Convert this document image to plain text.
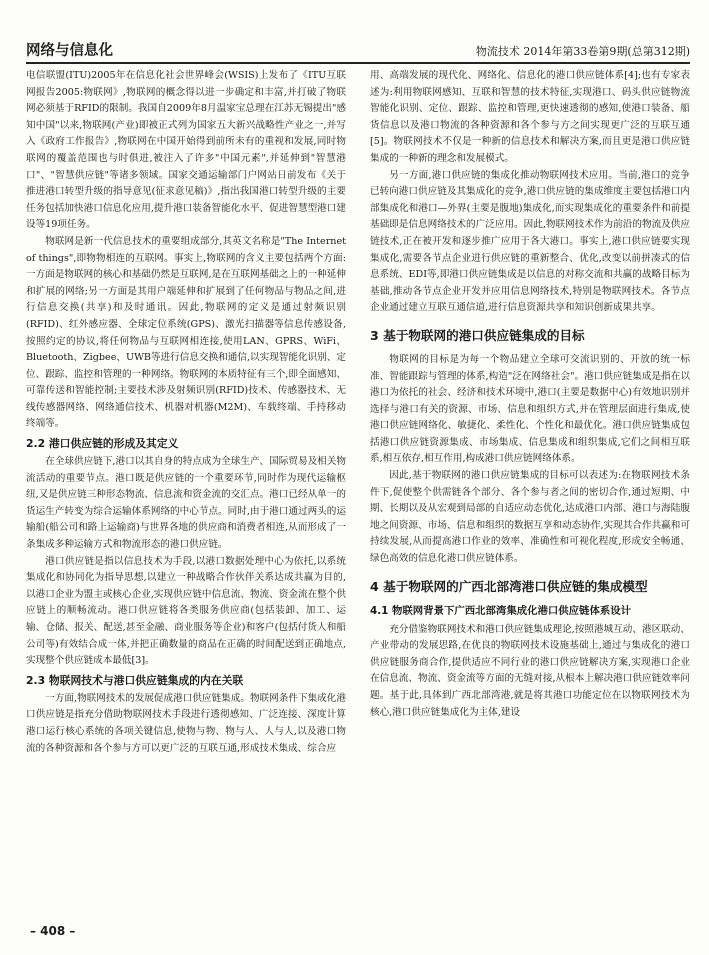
网络与信息化	物流技术 2014年第33卷第9期(总第312期)

电信联盟(ITU)2005年在信息化社会世界峰会(WSIS)上发布了《ITU互联网报告2005:物联网》,物联网的概念得以进一步确定和丰富,并打破了物联网必须基于RFID的限制。我国自2009年8月温家宝总理在江苏无锡提出"感知中国"以来,物联网(产业)即被正式列为国家五大新兴战略性产业之一,并写入《政府工作报告》,物联网在中国开始得到前所未有的重视和发展,同时物联网的覆盖范围也与时俱进,被注入了许多"中国元素",并延伸到"智慧港口"、"智慧供应链"等诸多领域。国家交通运输部门户网站日前发布《关于推进港口转型升级的指导意见(征求意见稿)》,指出我国港口转型升级的主要任务包括加快港口信息化应用,提升港口装备智能化水平、促进智慧型港口建设等19项任务。

物联网是新一代信息技术的重要组成部分,其英文名称是"The Internet of things",即物物相连的互联网。事实上,物联网的含义主要包括两个方面:一方面是物联网的核心和基础仍然是互联网,是在互联网基础之上的一种延伸和扩展的网络;另一方面是其用户端延伸和扩展到了任何物品与物品之间,进行信息交换(共享)和及时通讯。因此,物联网的定义是通过射频识别(RFID)、红外感应器、全球定位系统(GPS)、激光扫描器等信息传感设备,按照约定的协议,将任何物品与互联网相连接,使用LAN、GPRS、WiFi、Bluetooth、Zigbee、UWB等进行信息交换和通信,以实现智能化识别、定位、跟踪、监控和管理的一种网络。物联网的本质特征有三个,即全面感知、可靠传送和智能控制;主要技术涉及射频识别(RFID)技术、传感器技术、无线传感器网络、网络通信技术、机器对机器(M2M)、车载终端、手持移动终端等。

2.2 港口供应链的形成及其定义

在全球供应链下,港口以其自身的特点成为全球生产、国际贸易及相关物流活动的重要节点。港口既是供应链的一个重要环节,同时作为现代运输枢纽,又是供应链三种形态物流、信息流和资金流的交汇点。港口已经从单一的货运生产转变为综合运输体系网络的中心节点。同时,由于港口通过两头的运输船(船公司和路上运输商)与世界各地的供应商和消费者相连,从而形成了一条集成多种运输方式和物流形态的港口供应链。

港口供应链是指以信息技术为手段,以港口数据处理中心为依托,以系统集成化和协同化为指导思想,以建立一种战略合作伙伴关系达成共赢为目的,以港口企业为盟主或核心企业,实现供应链中信息流、物流、资金流在整个供应链上的顺畅流动。港口供应链将各类服务供应商(包括装卸、加工、运输、仓储、报关、配送,甚至金融、商业服务等企业)和客户(包括付货人和船公司等)有效结合成一体,并把正确数量的商品在正确的时间配送到正确地点,实现整个供应链成本最低[3]。

2.3 物联网技术与港口供应链集成的内在关联

一方面,物联网技术的发展促成港口供应链集成。物联网条件下集成化港口供应链是指充分借助物联网技术手段进行透彻感知、广泛连接、深度计算港口运行核心系统的各项关键信息,使物与物、物与人、人与人,以及港口物流的各种资源和各个参与方可以更广泛的互联互通,形成技术集成、综合应

用、高端发展的现代化、网络化、信息化的港口供应链体系[4];也有专家表述为:利用物联网感知、互联和智慧的技术特征,实现港口、码头供应链物流智能化识别、定位、跟踪、监控和管理,更快速透彻的感知,使港口装备、船货信息以及港口物流的各种资源和各个参与方之间实现更广泛的互联互通[5]。物联网技术不仅是一种新的信息技术和解决方案,而且更是港口供应链集成的一种新的理念和发展模式。

另一方面,港口供应链的集成化推动物联网技术应用。当前,港口的竞争已转向港口供应链及其集成化的竞争,港口供应链的集成维度主要包括港口内部集成化和港口—外界(主要是腹地)集成化,而实现集成化的重要条件和前提基础即是信息网络技术的广泛应用。因此,物联网技术作为前沿的物流及供应链技术,正在被开发和逐步推广应用于各大港口。事实上,港口供应链要实现集成化,需要各节点企业进行供应链的重新整合、优化,改变以前拼凑式的信息系统、EDI等,即港口供应链集成是以信息的对称交流和共赢的战略目标为基础,推动各节点企业开发并应用信息网络技术,特别是物联网技术。各节点企业通过建立互联互通信道,进行信息资源共享和知识创新成果共享。

3 基于物联网的港口供应链集成的目标

物联网的目标是为每一个物品建立全球可交流识别的、开放的统一标准、智能跟踪与管理的体系,构造"泛在网络社会"。港口供应链集成是指在以港口为依托的社会、经济和技术环境中,港口(主要是数据中心)有效地识别并选择与港口有关的资源、市场、信息和组织方式,并在管理层面进行集成,使港口供应链网络化、敏捷化、柔性化、个性化和最优化。港口供应链集成包括港口供应链资源集成、市场集成、信息集成和组织集成,它们之间相互联系,相互依存,相互作用,构成港口供应链网络体系。

因此,基于物联网的港口供应链集成的目标可以表述为:在物联网技术条件下,促使整个供需链各个部分、各个参与者之间的密切合作,通过短期、中期、长期以及从宏观到局部的自适应动态优化,达成港口内部、港口与海陆腹地之间资源、市场、信息和组织的数据互享和动态协作,实现其合作共赢和可持续发展,从而提高港口作业的效率、准确性和可视化程度,形成安全畅通、绿色高效的信息化港口供应链体系。

4 基于物联网的广西北部湾港口供应链的集成模型
4.1 物联网背景下广西北部湾集成化港口供应链体系设计

充分借鉴物联网技术和港口供应链集成理论,按照港城互动、港区联动、产业带动的发展思路,在优良的物联网技术设施基础上,通过与集成化的港口供应链服务商合作,提供适应不同行业的港口供应链解决方案,实现港口企业在信息流、物流、资金流等方面的无缝对接,从根本上解决港口供应链效率问题。基于此,具体到广西北部湾港,就是将其港口功能定位在以物联网技术为核心,港口供应链集成化为主体,建设

– 408 –
